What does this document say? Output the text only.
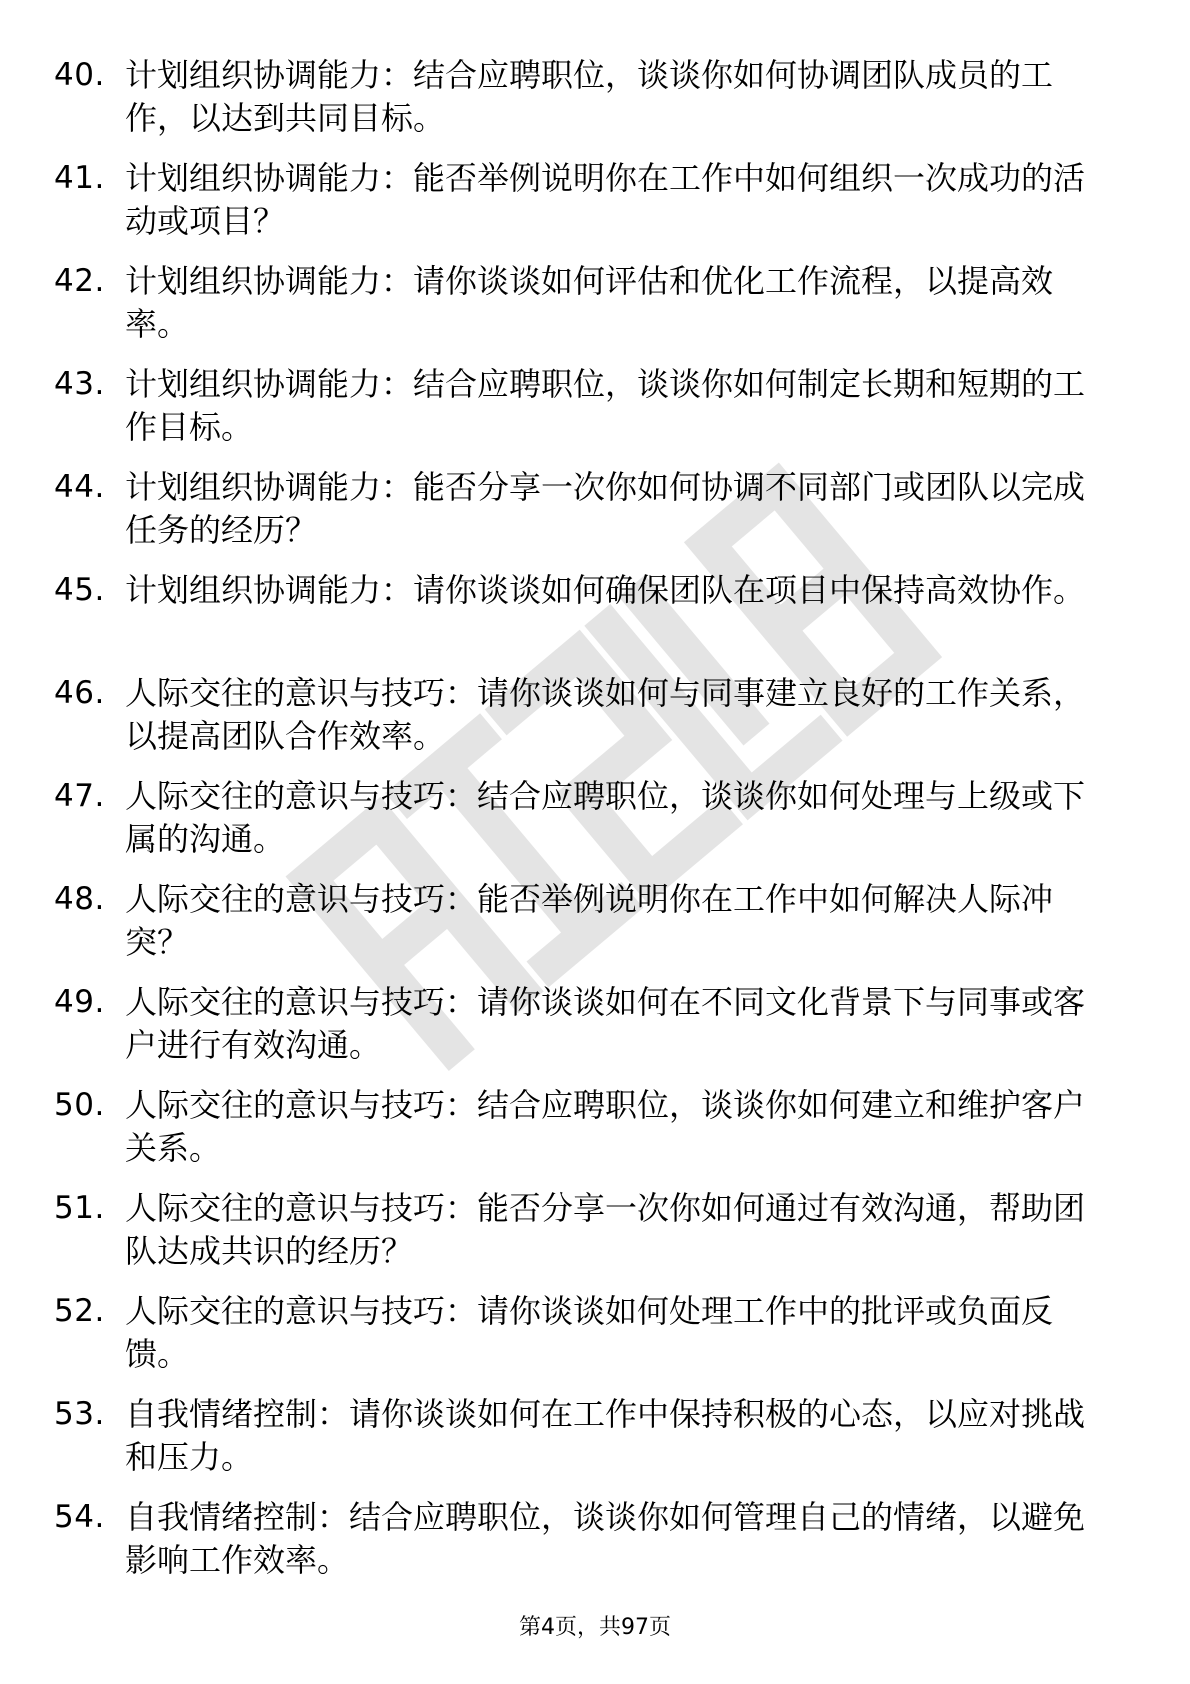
40. 计划组织协调能力：结合应聘职位，谈谈你如何协调团队成员的工作，以达到共同目标。
41. 计划组织协调能力：能否举例说明你在工作中如何组织一次成功的活动或项目？
42. 计划组织协调能力：请你谈谈如何评估和优化工作流程，以提高效率。
43. 计划组织协调能力：结合应聘职位，谈谈你如何制定长期和短期的工作目标。
44. 计划组织协调能力：能否分享一次你如何协调不同部门或团队以完成任务的经历？
45. 计划组织协调能力：请你谈谈如何确保团队在项目中保持高效协作。
46. 人际交往的意识与技巧：请你谈谈如何与同事建立良好的工作关系，以提高团队合作效率。
47. 人际交往的意识与技巧：结合应聘职位，谈谈你如何处理与上级或下属的沟通。
48. 人际交往的意识与技巧：能否举例说明你在工作中如何解决人际冲突？
49. 人际交往的意识与技巧：请你谈谈如何在不同文化背景下与同事或客户进行有效沟通。
50. 人际交往的意识与技巧：结合应聘职位，谈谈你如何建立和维护客户关系。
51. 人际交往的意识与技巧：能否分享一次你如何通过有效沟通，帮助团队达成共识的经历？
52. 人际交往的意识与技巧：请你谈谈如何处理工作中的批评或负面反馈。
53. 自我情绪控制：请你谈谈如何在工作中保持积极的心态，以应对挑战和压力。
54. 自我情绪控制：结合应聘职位，谈谈你如何管理自己的情绪，以避免影响工作效率。
第4页，共97页
